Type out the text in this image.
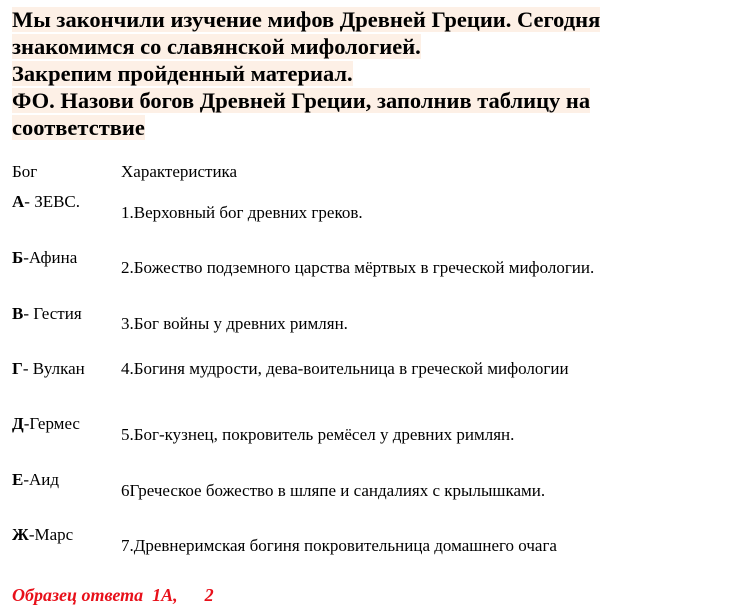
Мы закончили изучение мифов Древней Греции. Сегодня
знакомимся со славянской мифологией.
Закрепим пройденный материал.
ФО. Назови богов Древней Греции, заполнив таблицу на
соответствие
Бог	Характеристика
А- ЗЕВС.
1.Верховный бог древних греков.
Б-Афина
2.Божество подземного царства мёртвых в греческой мифологии.
В- Гестия
3.Бог войны у древних римлян.
Г- Вулкан 4.Богиня мудрости, дева-воительница в греческой мифологии
Д-Гермес
5.Бог-кузнец, покровитель ремёсел у древних римлян.
Е-Аид
6Греческое божество в шляпе и сандалиях с крылышками.
Ж-Марс
7.Древнеримская богиня покровительница домашнего очага
Образец ответа  1А,      2
